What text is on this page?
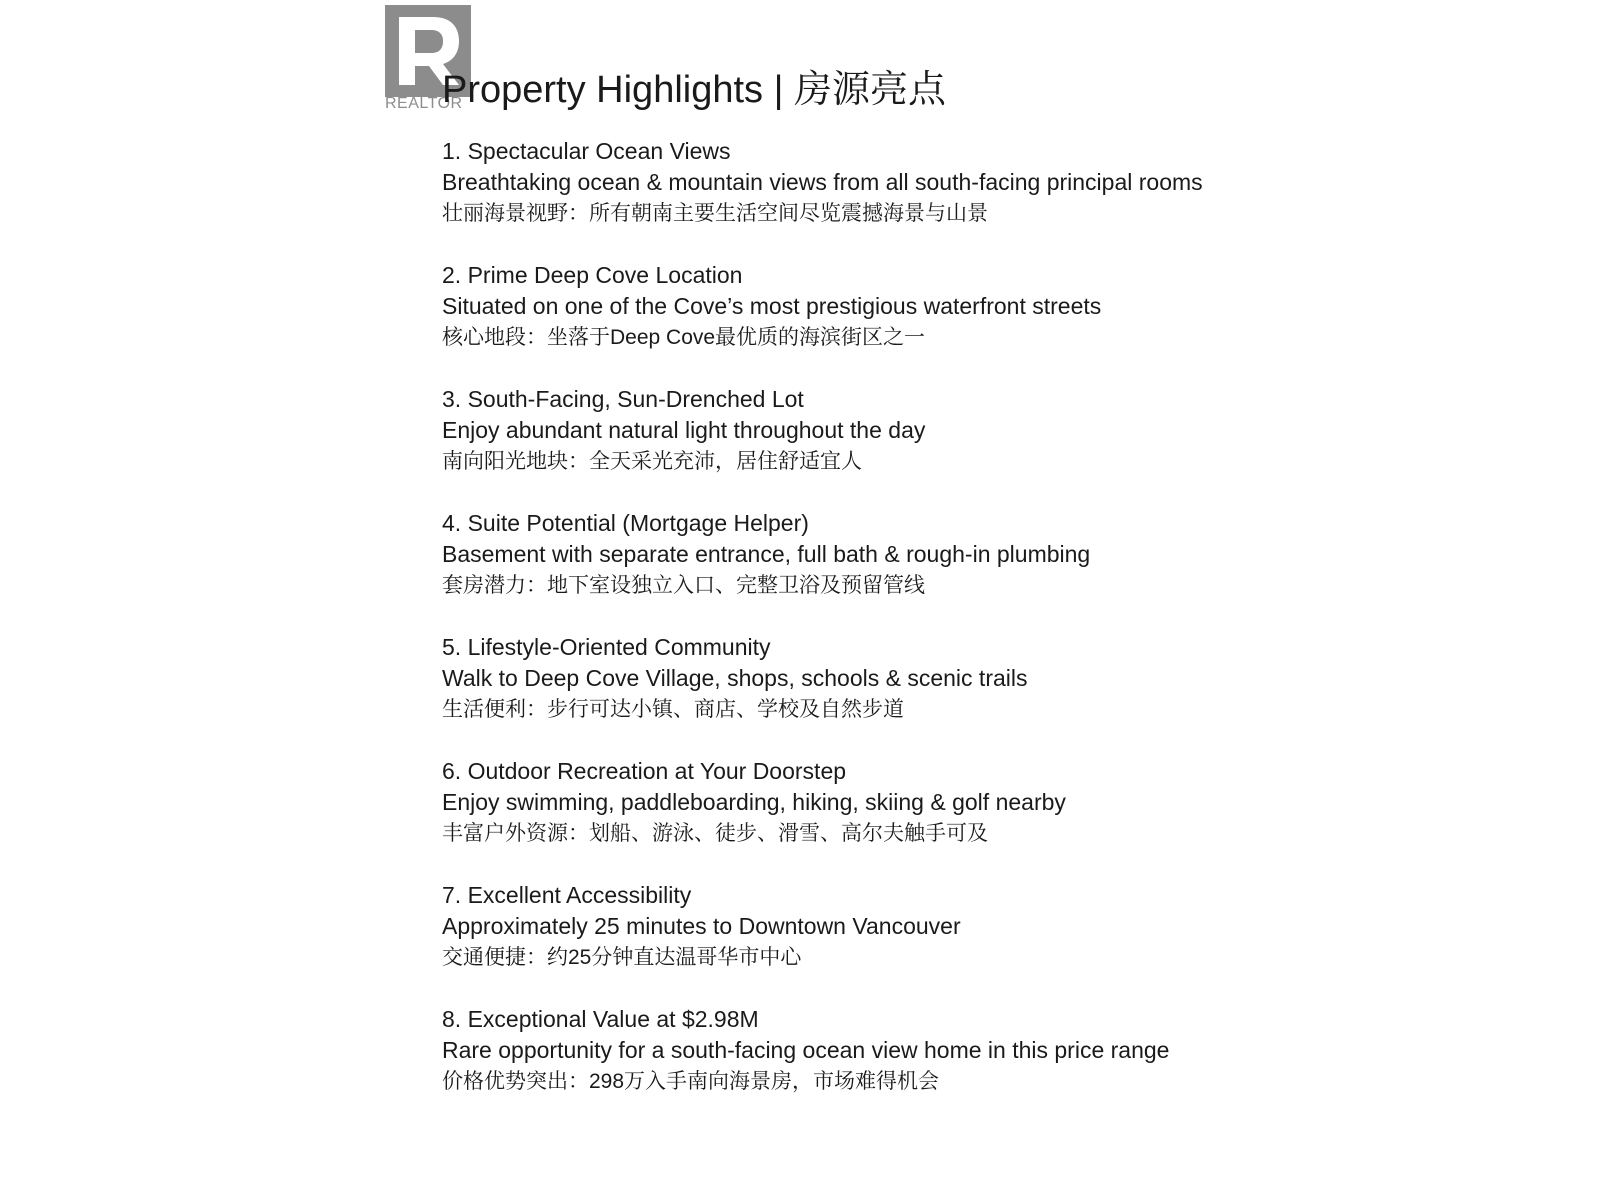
REALTOR
Property Highlights | 房源亮点
1. Spectacular Ocean Views
Breathtaking ocean & mountain views from all south-facing principal rooms
壮丽海景视野：所有朝南主要生活空间尽览震撼海景与山景
2. Prime Deep Cove Location
Situated on one of the Cove’s most prestigious waterfront streets
核心地段：坐落于Deep Cove最优质的海滨街区之一
3. South-Facing, Sun-Drenched Lot
Enjoy abundant natural light throughout the day
南向阳光地块：全天采光充沛，居住舒适宜人
4. Suite Potential (Mortgage Helper)
Basement with separate entrance, full bath & rough-in plumbing
套房潜力：地下室设独立入口、完整卫浴及预留管线
5. Lifestyle-Oriented Community
Walk to Deep Cove Village, shops, schools & scenic trails
生活便利：步行可达小镇、商店、学校及自然步道
6. Outdoor Recreation at Your Doorstep
Enjoy swimming, paddleboarding, hiking, skiing & golf nearby
丰富户外资源：划船、游泳、徒步、滑雪、高尔夫触手可及
7. Excellent Accessibility
Approximately 25 minutes to Downtown Vancouver
交通便捷：约25分钟直达温哥华市中心
8. Exceptional Value at $2.98M
Rare opportunity for a south-facing ocean view home in this price range
价格优势突出：298万入手南向海景房，市场难得机会
